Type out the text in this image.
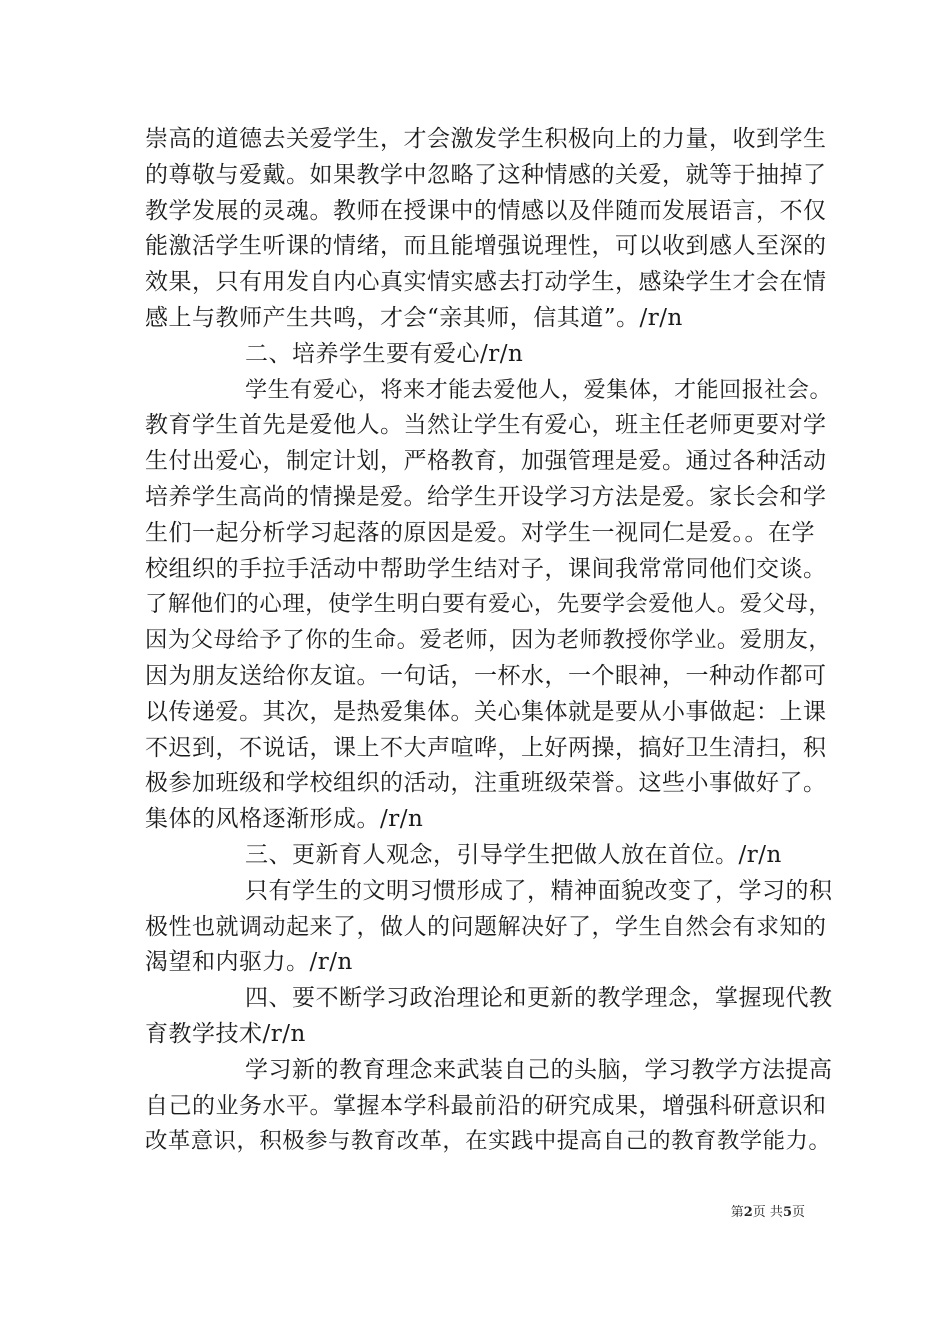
崇高的道德去关爱学生，才会激发学生积极向上的力量，收到学生
的尊敬与爱戴。如果教学中忽略了这种情感的关爱，就等于抽掉了
教学发展的灵魂。教师在授课中的情感以及伴随而发展语言，不仅
能激活学生听课的情绪，而且能增强说理性，可以收到感人至深的
效果，只有用发自内心真实情实感去打动学生，感染学生才会在情
感上与教师产生共鸣，才会“亲其师，信其道”。/r/n
二、培养学生要有爱心/r/n
学生有爱心，将来才能去爱他人，爱集体，才能回报社会。
教育学生首先是爱他人。当然让学生有爱心，班主任老师更要对学
生付出爱心，制定计划，严格教育，加强管理是爱。通过各种活动
培养学生高尚的情操是爱。给学生开设学习方法是爱。家长会和学
生们一起分析学习起落的原因是爱。对学生一视同仁是爱。。在学
校组织的手拉手活动中帮助学生结对子，课间我常常同他们交谈。
了解他们的心理，使学生明白要有爱心，先要学会爱他人。爱父母，
因为父母给予了你的生命。爱老师，因为老师教授你学业。爱朋友，
因为朋友送给你友谊。一句话，一杯水，一个眼神，一种动作都可
以传递爱。其次，是热爱集体。关心集体就是要从小事做起：上课
不迟到，不说话，课上不大声喧哗，上好两操，搞好卫生清扫，积
极参加班级和学校组织的活动，注重班级荣誉。这些小事做好了。
集体的风格逐渐形成。/r/n
三、更新育人观念，引导学生把做人放在首位。/r/n
只有学生的文明习惯形成了，精神面貌改变了，学习的积
极性也就调动起来了，做人的问题解决好了，学生自然会有求知的
渴望和内驱力。/r/n
四、要不断学习政治理论和更新的教学理念，掌握现代教
育教学技术/r/n
学习新的教育理念来武装自己的头脑，学习教学方法提高
自己的业务水平。掌握本学科最前沿的研究成果，增强科研意识和
改革意识，积极参与教育改革，在实践中提高自己的教育教学能力。
第2页 共5页
